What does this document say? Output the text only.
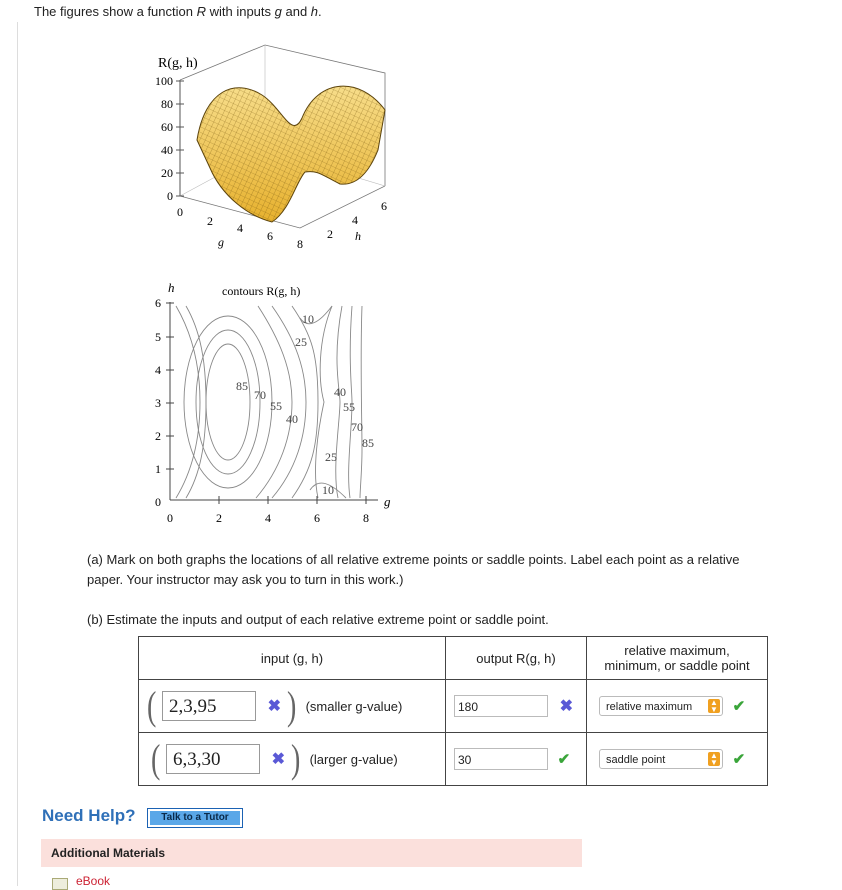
The figures show a function R with inputs g and h.
R(g, h)
100
80
60
40
20
0
0
2 4
6
8
g
2
4
6
h
h	contours R(g, h)
6
5
4
3
2
1
0
0	2	4	6	8
g
10
25
85
70
55
40
40
55
70
85
25
10
(a) Mark on both graphs the locations of all relative extreme points or saddle points. Label each point as a relative
paper. Your instructor may ask you to turn in this work.)
(b) Estimate the inputs and output of each relative extreme point or saddle point.
input (g, h)	output R(g, h)	relative maximum,
minimum, or saddle point

( 2,3,95 ✖ ) (smaller g-value)	180 ✖	relative maximum ▲
▼ ✔
( 6,3,30 ✖ ) (larger g-value)	30 ✔	saddle point ▲
▼ ✔
Need Help?	Talk to a Tutor
Additional Materials
eBook
